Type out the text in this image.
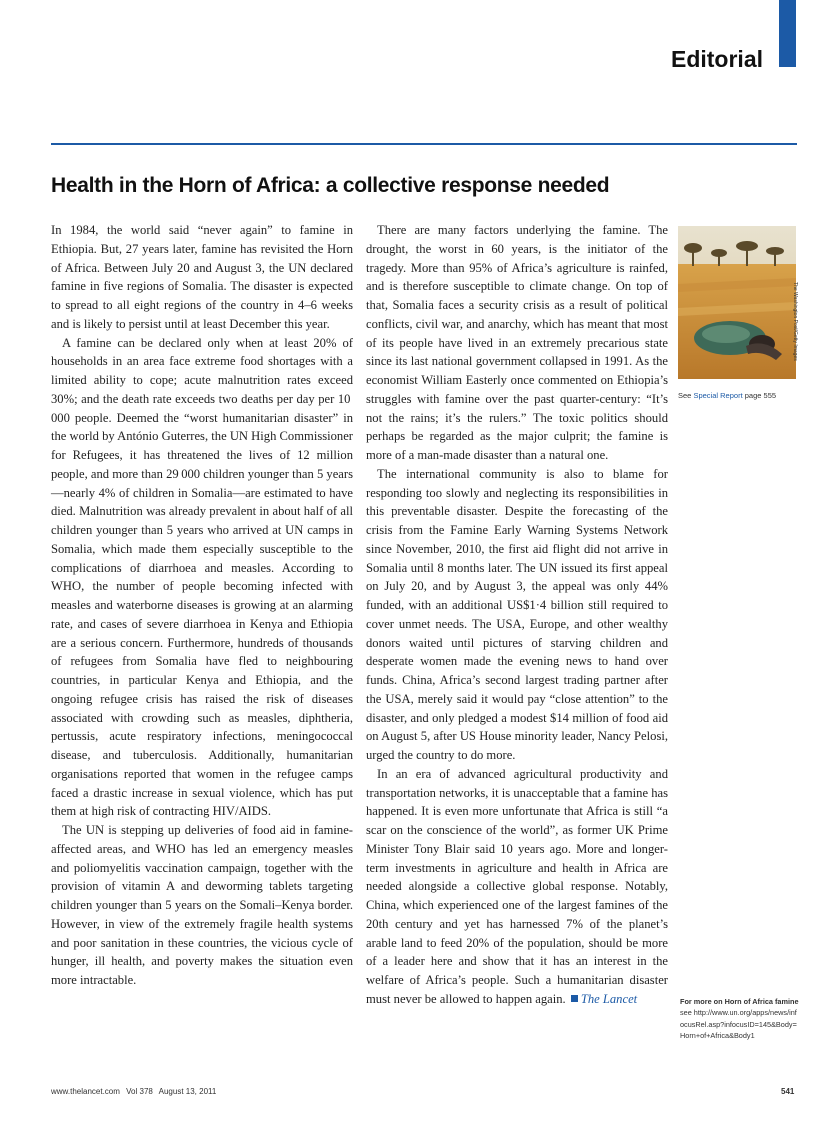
Editorial
Health in the Horn of Africa: a collective response needed

In 1984, the world said “never again” to famine in Ethiopia. But, 27 years later, famine has revisited the Horn of Africa. Between July 20 and August 3, the UN declared famine in five regions of Somalia. The disaster is expected to spread to all eight regions of the country in 4–6 weeks and is likely to persist until at least December this year.

A famine can be declared only when at least 20% of households in an area face extreme food shortages with a limited ability to cope; acute malnutrition rates exceed 30%; and the death rate exceeds two deaths per day per 10 000 people. Deemed the “worst humanitarian disaster” in the world by António Guterres, the UN High Commissioner for Refugees, it has threatened the lives of 12 million people, and more than 29 000 children younger than 5 years—nearly 4% of children in Somalia—are estimated to have died. Malnutrition was already prevalent in about half of all children younger than 5 years who arrived at UN camps in Somalia, which made them especially susceptible to the complications of diarrhoea and measles. According to WHO, the number of people becoming infected with measles and waterborne diseases is growing at an alarming rate, and cases of severe diarrhoea in Kenya and Ethiopia are a serious concern. Furthermore, hundreds of thousands of refugees from Somalia have fled to neighbouring countries, in particular Kenya and Ethiopia, and the ongoing refugee crisis has raised the risk of diseases associated with crowding such as measles, diphtheria, pertussis, acute respiratory infections, meningococcal disease, and tuberculosis. Additionally, humanitarian organisations reported that women in the refugee camps faced a drastic increase in sexual violence, which has put them at high risk of contracting HIV/AIDS.

The UN is stepping up deliveries of food aid in famine-affected areas, and WHO has led an emergency measles and poliomyelitis vaccination campaign, together with the provision of vitamin A and deworming tablets targeting children younger than 5 years on the Somali–Kenya border. However, in view of the extremely fragile health systems and poor sanitation in these countries, the vicious cycle of hunger, ill health, and poverty makes the situation even more intractable.

There are many factors underlying the famine. The drought, the worst in 60 years, is the initiator of the tragedy. More than 95% of Africa’s agriculture is rainfed, and is therefore susceptible to climate change. On top of that, Somalia faces a security crisis as a result of political conflicts, civil war, and anarchy, which has meant that most of its people have lived in an extremely precarious state since its last national government collapsed in 1991. As the economist William Easterly once commented on Ethiopia’s struggles with famine over the past quarter-century: “It’s not the rains; it’s the rulers.” The toxic politics should perhaps be regarded as the major culprit; the famine is more of a man-made disaster than a natural one.

The international community is also to blame for responding too slowly and neglecting its responsibilities in this preventable disaster. Despite the forecasting of the crisis from the Famine Early Warning Systems Network since November, 2010, the first aid flight did not arrive in Somalia until 8 months later. The UN issued its first appeal on July 20, and by August 3, the appeal was only 44% funded, with an additional US$1·4 billion still required to cover unmet needs. The USA, Europe, and other wealthy donors waited until pictures of starving children and desperate women made the evening news to hand over funds. China, Africa’s second largest trading partner after the USA, merely said it would pay “close attention” to the disaster, and only pledged a modest $14 million of food aid on August 5, after US House minority leader, Nancy Pelosi, urged the country to do more.

In an era of advanced agricultural productivity and transportation networks, it is unacceptable that a famine has happened. It is even more unfortunate that Africa is still “a scar on the conscience of the world”, as former UK Prime Minister Tony Blair said 10 years ago. More and longer-term investments in agriculture and health in Africa are needed alongside a collective global response. Notably, China, which experienced one of the largest famines of the 20th century and yet has harnessed 7% of the planet’s arable land to feed 20% of the population, should be more of a leader here and show that it has an interest in the welfare of Africa’s people. Such a humanitarian disaster must never be allowed to happen again. The Lancet

The Washington Post/Getty Images
See Special Report page 555
For more on Horn of Africa famine see http://www.un.org/apps/news/infocusRel.asp?infocusID=145&Body=Horn+of+Africa&Body1
www.thelancet.com Vol 378 August 13, 2011	541
